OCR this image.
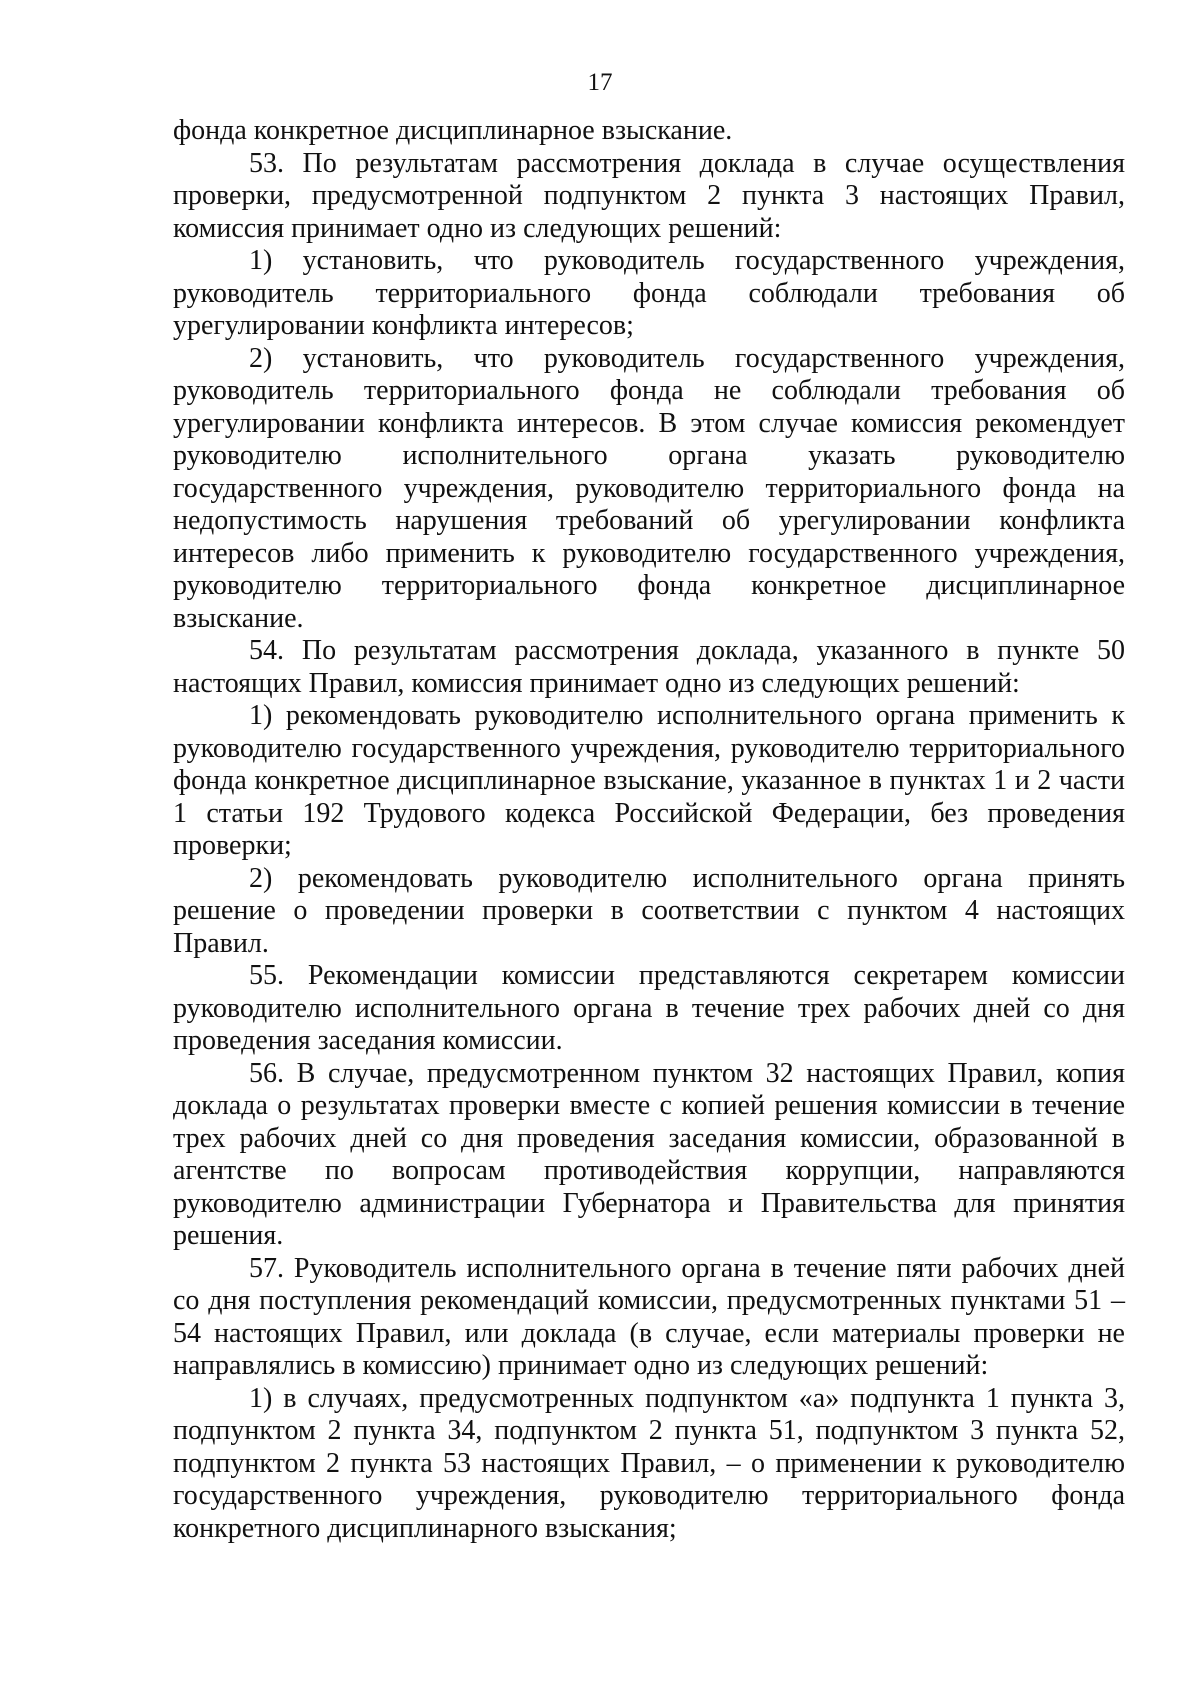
17

фонда конкретное дисциплинарное взыскание.

53. По результатам рассмотрения доклада в случае осуществления проверки, предусмотренной подпунктом 2 пункта 3 настоящих Правил, комиссия принимает одно из следующих решений:

1) установить, что руководитель государственного учреждения, руководитель территориального фонда соблюдали требования об урегулировании конфликта интересов;

2) установить, что руководитель государственного учреждения, руководитель территориального фонда не соблюдали требования об урегулировании конфликта интересов. В этом случае комиссия рекомендует руководителю исполнительного органа указать руководителю государственного учреждения, руководителю территориального фонда на недопустимость нарушения требований об урегулировании конфликта интересов либо применить к руководителю государственного учреждения, руководителю территориального фонда конкретное дисциплинарное взыскание.

54. По результатам рассмотрения доклада, указанного в пункте 50 настоящих Правил, комиссия принимает одно из следующих решений:

1) рекомендовать руководителю исполнительного органа применить к руководителю государственного учреждения, руководителю территориального фонда конкретное дисциплинарное взыскание, указанное в пунктах 1 и 2 части 1 статьи 192 Трудового кодекса Российской Федерации, без проведения проверки;

2) рекомендовать руководителю исполнительного органа принять решение о проведении проверки в соответствии с пунктом 4 настоящих Правил.

55. Рекомендации комиссии представляются секретарем комиссии руководителю исполнительного органа в течение трех рабочих дней со дня проведения заседания комиссии.

56. В случае, предусмотренном пунктом 32 настоящих Правил, копия доклада о результатах проверки вместе с копией решения комиссии в течение трех рабочих дней со дня проведения заседания комиссии, образованной в агентстве по вопросам противодействия коррупции, направляются руководителю администрации Губернатора и Правительства для принятия решения.

57. Руководитель исполнительного органа в течение пяти рабочих дней со дня поступления рекомендаций комиссии, предусмотренных пунктами 51 – 54 настоящих Правил, или доклада (в случае, если материалы проверки не направлялись в комиссию) принимает одно из следующих решений:

1) в случаях, предусмотренных подпунктом «а» подпункта 1 пункта 3, подпунктом 2 пункта 34, подпунктом 2 пункта 51, подпунктом 3 пункта 52, подпунктом 2 пункта 53 настоящих Правил, – о применении к руководителю государственного учреждения, руководителю территориального фонда конкретного дисциплинарного взыскания;
